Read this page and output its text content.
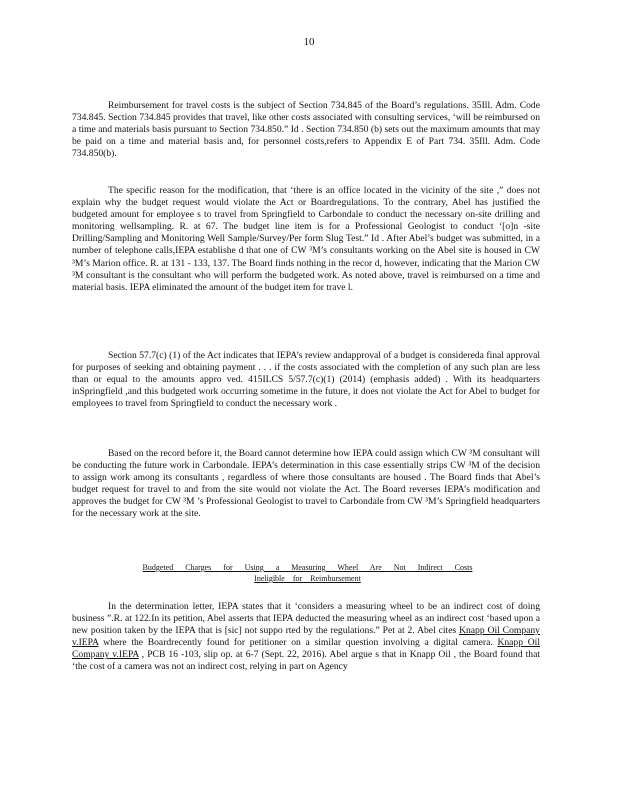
10

Reimbursement for travel costs is the subject of Section 734.845 of the Board’s regulations. 35Ill. Adm. Code 734.845. Section 734.845 provides that travel, like other costs associated with consulting services, ‘will be reimbursed on a time and materials basis pursuant to Section 734.850.” Id . Section 734.850 (b) sets out the maximum amounts that may be paid on a time and material basis and, for personnel costs,refers to Appendix E of Part 734. 35Ill. Adm. Code 734.850(b).

The specific reason for the modification, that ‘there is an office located in the vicinity of the site ,” does not explain why the budget request would violate the Act or Boardregulations. To the contrary, Abel has justified the budgeted amount for employee s to travel from Springfield to Carbondale to conduct the necessary on-site drilling and monitoring wellsampling. R. at 67. The budget line item is for a Professional Geologist to conduct ‘[o]n -site Drilling/Sampling and Monitoring Well Sample/Survey/Per form Slug Test.” Id . After Abel’s budget was submitted, in a number of telephone calls,IEPA establishe d that one of CW ³M’s consultants working on the Abel site is housed in CW ³M’s Marion office. R. at 131 - 133, 137. The Board finds nothing in the recor d, however, indicating that the Marion CW ³M consultant is the consultant who will perform the budgeted work. As noted above, travel is reimbursed on a time and material basis. IEPA eliminated the amount of the budget item for trave l.

Section 57.7(c) (1) of the Act indicates that IEPA’s review andapproval of a budget is considereda final approval for purposes of seeking and obtaining payment . . . if the costs associated with the completion of any such plan are less than or equal to the amounts appro ved. 415ILCS 5/57.7(c)(1) (2014) (emphasis added) . With its headquarters inSpringfield ,and this budgeted work occurring sometime in the future, it does not violate the Act for Abel to budget for employees to travel from Springfield to conduct the necessary work .

Based on the record before it, the Board cannot determine how IEPA could assign which CW ³M consultant will be conducting the future work in Carbondale. IEPA’s determination in this case essentially strips CW ³M of the decision to assign work among its consultants , regardless of where those consultants are housed . The Board finds that Abel’s budget request for travel to and from the site would not violate the Act. The Board reverses IEPA’s modification and approves the budget for CW ³M ’s Professional Geologist to travel to Carbondale from CW ³M’s Springfield headquarters for the necessary work at the site.

Budgeted Charges for Using a Measuring Wheel Are Not Indirect Costs
Ineligible for Reimbursement

In the determination letter, IEPA states that it ‘considers a measuring wheel to be an indirect cost of doing business ”.R. at 122.In its petition, Abel asserts that IEPA deducted the measuring wheel as an indirect cost ‘based upon a new position taken by the IEPA that is [sic] not suppo rted by the regulations.” Pet at 2. Abel cites Knapp Oil Company v.IEPA where the Boardrecently found for petitioner on a similar question involving a digital camera. Knapp Oil Company v.IEPA , PCB 16 -103, slip op. at 6-7 (Sept. 22, 2016). Abel argue s that in Knapp Oil , the Board found that ‘the cost of a camera was not an indirect cost, relying in part on Agency
